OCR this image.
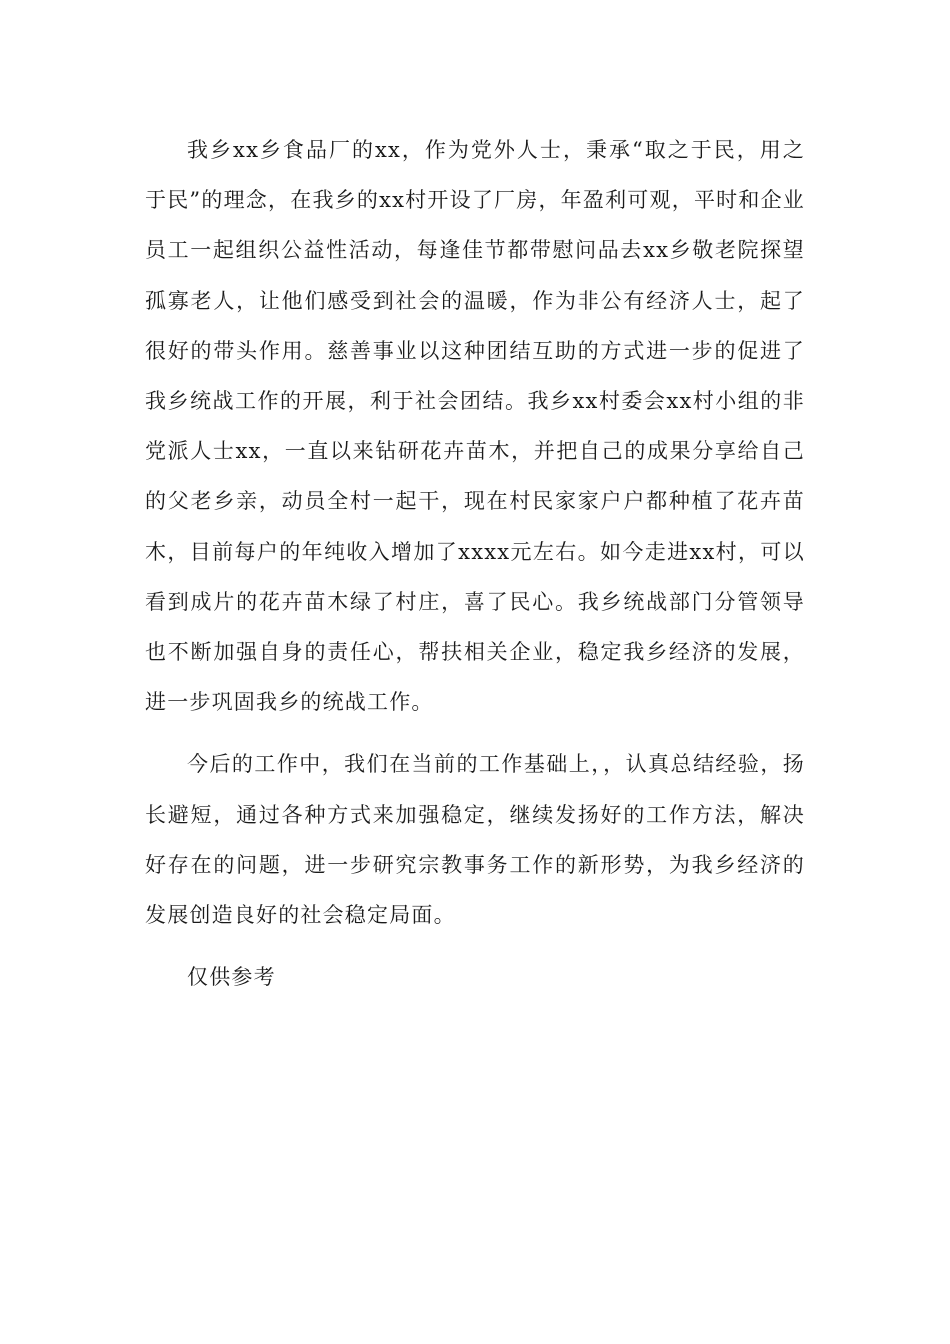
我乡xx乡食品厂的xx，作为党外人士，秉承“取之于民，用之于民”的理念，在我乡的xx村开设了厂房，年盈利可观，平时和企业员工一起组织公益性活动，每逢佳节都带慰问品去xx乡敬老院探望孤寡老人，让他们感受到社会的温暖，作为非公有经济人士，起了很好的带头作用。慈善事业以这种团结互助的方式进一步的促进了我乡统战工作的开展，利于社会团结。我乡xx村委会xx村小组的非党派人士xx，一直以来钻研花卉苗木，并把自己的成果分享给自己的父老乡亲，动员全村一起干，现在村民家家户户都种植了花卉苗木，目前每户的年纯收入增加了xxxx元左右。如今走进xx村，可以看到成片的花卉苗木绿了村庄，喜了民心。我乡统战部门分管领导也不断加强自身的责任心，帮扶相关企业，稳定我乡经济的发展，进一步巩固我乡的统战工作。

今后的工作中，我们在当前的工作基础上，，认真总结经验，扬长避短，通过各种方式来加强稳定，继续发扬好的工作方法，解决好存在的问题，进一步研究宗教事务工作的新形势，为我乡经济的发展创造良好的社会稳定局面。

仅供参考
